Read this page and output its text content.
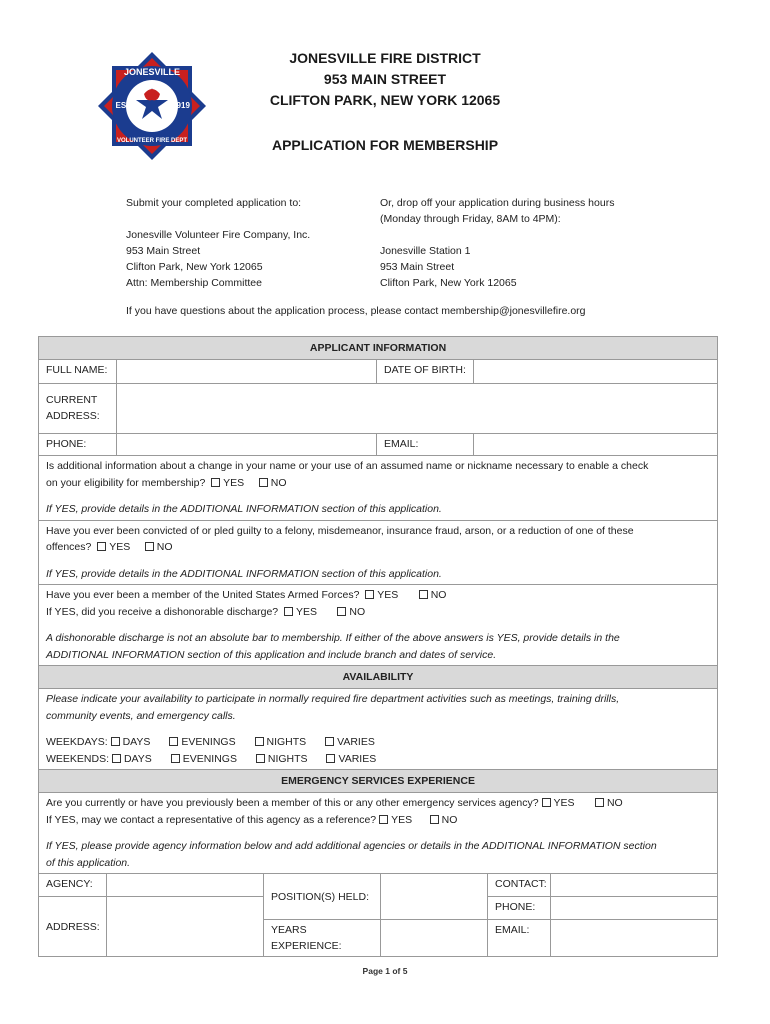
JONESVILLE
EST.	1919
VOLUNTEER FIRE DEPT
JONESVILLE FIRE DISTRICT
953 MAIN STREET
CLIFTON PARK, NEW YORK 12065
APPLICATION FOR MEMBERSHIP
Submit your completed application to:
Jonesville Volunteer Fire Company, Inc.
953 Main Street
Clifton Park, New York 12065
Attn: Membership Committee
Or, drop off your application during business hours
(Monday through Friday, 8AM to 4PM):
Jonesville Station 1
953 Main Street
Clifton Park, New York 12065
If you have questions about the application process, please contact membership@jonesvillefire.org
APPLICANT INFORMATION			
FULL NAME:		DATE OF BIRTH:	

CURRENT
ADDRESS:			

PHONE:		EMAIL:	

Is additional information about a change in your name or your use of an assumed name or nickname necessary to enable a check
on your eligibility for membership? YES NO
If YES, provide details in the ADDITIONAL INFORMATION section of this application.			

Have you ever been convicted of or pled guilty to a felony, misdemeanor, insurance fraud, arson, or a reduction of one of these
offences? YES NO
If YES, provide details in the ADDITIONAL INFORMATION section of this application.			

Have you ever been a member of the United States Armed Forces? YES NO
If YES, did you receive a dishonorable discharge? YES NO
A dishonorable discharge is not an absolute bar to membership. If either of the above answers is YES, provide details in the
ADDITIONAL INFORMATION section of this application and include branch and dates of service.			

AVAILABILITY			

Please indicate your availability to participate in normally required fire department activities such as meetings, training drills,
community events, and emergency calls.
WEEKDAYS: DAYS EVENINGS NIGHTS VARIES
WEEKENDS: DAYS EVENINGS NIGHTS VARIES			

EMERGENCY SERVICES EXPERIENCE			

Are you currently or have you previously been a member of this or any other emergency services agency? YES NO
If YES, may we contact a representative of this agency as a reference? YES NO
If YES, please provide agency information below and add additional agencies or details in the ADDITIONAL INFORMATION section
of this application.			
AGENCY:		POSITION(S) HELD:		CONTACT:	
ADDRESS:				PHONE:	
		YEARS EXPERIENCE:		EMAIL:	
Page 1 of 5
